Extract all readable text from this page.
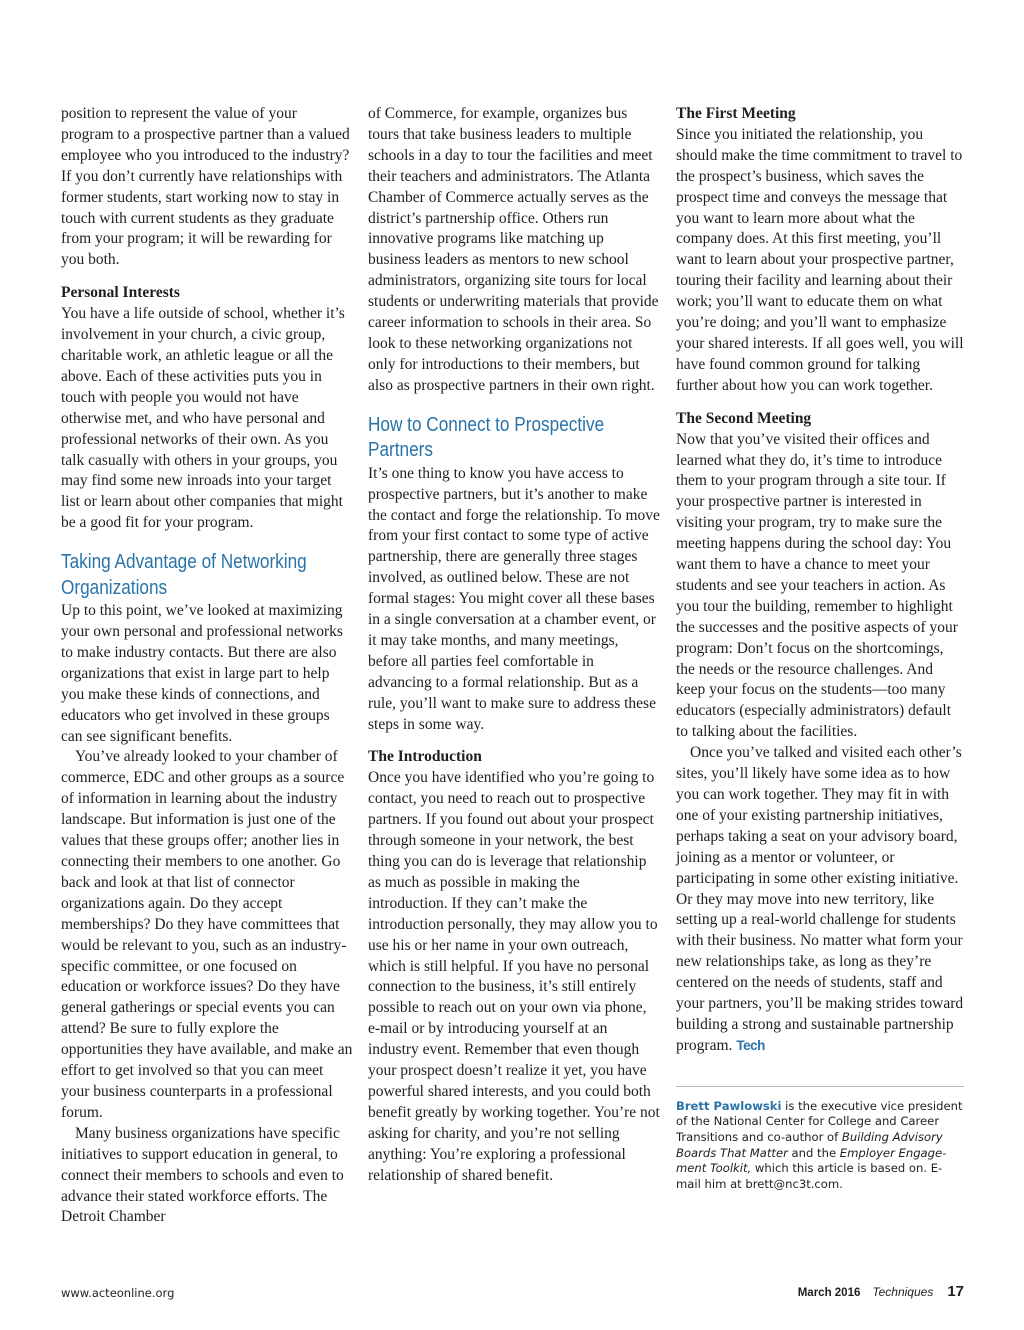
position to represent the value of your program to a prospective partner than a valued employee who you introduced to the industry? If you don’t currently have relationships with former students, start working now to stay in touch with current students as they graduate from your program; it will be rewarding for you both.

Personal Interests

You have a life outside of school, whether it’s involvement in your church, a civic group, charitable work, an athletic league or all the above. Each of these activities puts you in touch with people you would not have otherwise met, and who have personal and professional networks of their own. As you talk casually with others in your groups, you may find some new inroads into your target list or learn about other companies that might be a good fit for your program.

Taking Advantage of Networking Organizations

Up to this point, we’ve looked at maximizing your own personal and professional networks to make industry contacts. But there are also organizations that exist in large part to help you make these kinds of connections, and educators who get involved in these groups can see significant benefits.

You’ve already looked to your chamber of commerce, EDC and other groups as a source of information in learning about the industry landscape. But information is just one of the values that these groups offer; another lies in connecting their members to one another. Go back and look at that list of connector organizations again. Do they accept memberships? Do they have committees that would be relevant to you, such as an industry-specific committee, or one focused on education or workforce issues? Do they have general gatherings or special events you can attend? Be sure to fully explore the opportunities they have available, and make an effort to get involved so that you can meet your business counterparts in a professional forum.

Many business organizations have specific initiatives to support education in general, to connect their members to schools and even to advance their stated workforce efforts. The Detroit Chamber

of Commerce, for example, organizes bus tours that take business leaders to multiple schools in a day to tour the facilities and meet their teachers and administrators. The Atlanta Chamber of Commerce actually serves as the district’s partnership office. Others run innovative programs like matching up business leaders as mentors to new school administrators, organizing site tours for local students or underwriting materials that provide career information to schools in their area. So look to these networking organizations not only for introductions to their members, but also as prospective partners in their own right.

How to Connect to Prospective Partners

It’s one thing to know you have access to prospective partners, but it’s another to make the contact and forge the relationship. To move from your first contact to some type of active partnership, there are generally three stages involved, as outlined below. These are not formal stages: You might cover all these bases in a single conversation at a chamber event, or it may take months, and many meetings, before all parties feel comfortable in advancing to a formal relationship. But as a rule, you’ll want to make sure to address these steps in some way.

The Introduction

Once you have identified who you’re going to contact, you need to reach out to prospective partners. If you found out about your prospect through someone in your network, the best thing you can do is leverage that relationship as much as possible in making the introduction. If they can’t make the introduction personally, they may allow you to use his or her name in your own outreach, which is still helpful. If you have no personal connection to the business, it’s still entirely possible to reach out on your own via phone, e-mail or by introducing yourself at an industry event. Remember that even though your prospect doesn’t realize it yet, you have powerful shared interests, and you could both benefit greatly by working together. You’re not asking for charity, and you’re not selling anything: You’re exploring a professional relationship of shared benefit.

The First Meeting

Since you initiated the relationship, you should make the time commitment to travel to the prospect’s business, which saves the prospect time and conveys the message that you want to learn more about what the company does. At this first meeting, you’ll want to learn about your prospective partner, touring their facility and learning about their work; you’ll want to educate them on what you’re doing; and you’ll want to emphasize your shared interests. If all goes well, you will have found common ground for talking further about how you can work together.

The Second Meeting

Now that you’ve visited their offices and learned what they do, it’s time to introduce them to your program through a site tour. If your prospective partner is interested in visiting your program, try to make sure the meeting happens during the school day: You want them to have a chance to meet your students and see your teachers in action. As you tour the building, remember to highlight the successes and the positive aspects of your program: Don’t focus on the shortcomings, the needs or the resource challenges. And keep your focus on the students—too many educators (especially administrators) default to talking about the facilities.

Once you’ve talked and visited each other’s sites, you’ll likely have some idea as to how you can work together. They may fit in with one of your existing partnership initiatives, perhaps taking a seat on your advisory board, joining as a mentor or volunteer, or participating in some other existing initiative. Or they may move into new territory, like setting up a real-world challenge for students with their business. No matter what form your new relationships take, as long as they’re centered on the needs of students, staff and your partners, you’ll be making strides toward building a strong and sustainable partnership program. Tech

Brett Pawlowski is the executive vice president of the National Center for College and Career Transitions and co-author of Building Advisory Boards That Matter and the Employer Engagement Toolkit, which this article is based on. E-mail him at brett@nc3t.com.
www.acteonline.org	March 2016 Techniques 17
